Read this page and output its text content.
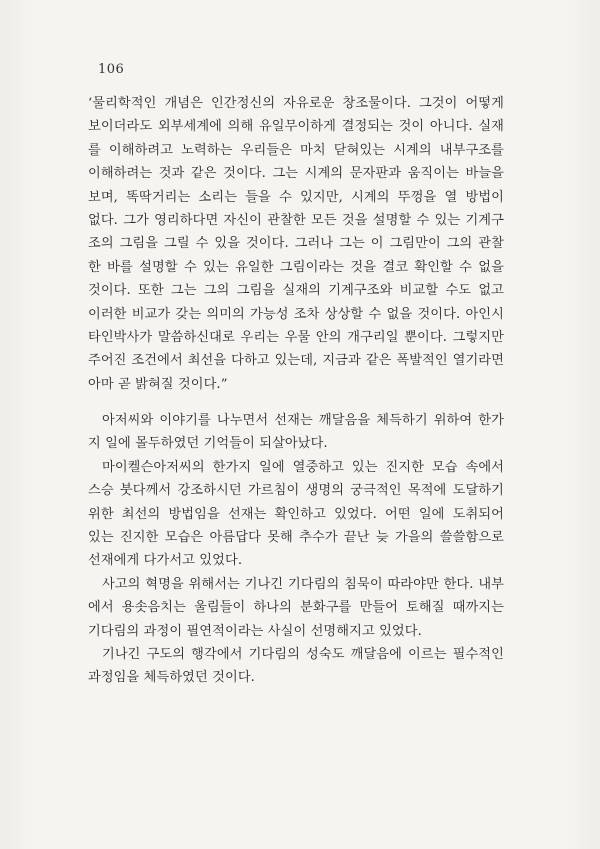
106
‘물리학적인 개념은 인간정신의 자유로운 창조물이다. 그것이 어떻게
보이더라도 외부세계에 의해 유일무이하게 결정되는 것이 아니다. 실재
를 이해하려고 노력하는 우리들은 마치 닫혀있는 시계의 내부구조를
이해하려는 것과 같은 것이다. 그는 시계의 문자판과 움직이는 바늘을
보며, 똑딱거리는 소리는 들을 수 있지만, 시계의 뚜껑을 열 방법이
없다. 그가 영리하다면 자신이 관찰한 모든 것을 설명할 수 있는 기계구
조의 그림을 그릴 수 있을 것이다. 그러나 그는 이 그림만이 그의 관찰
한 바를 설명할 수 있는 유일한 그림이라는 것을 결코 확인할 수 없을
것이다. 또한 그는 그의 그림을 실재의 기계구조와 비교할 수도 없고
이러한 비교가 갖는 의미의 가능성 조차 상상할 수 없을 것이다. 아인시
타인박사가 말씀하신대로 우리는 우물 안의 개구리일 뿐이다. 그렇지만
주어진 조건에서 최선을 다하고 있는데, 지금과 같은 폭발적인 열기라면
아마 곧 밝혀질 것이다.”
아저씨와 이야기를 나누면서 선재는 깨달음을 체득하기 위하여 한가
지 일에 몰두하였던 기억들이 되살아났다.
마이켈슨아저씨의 한가지 일에 열중하고 있는 진지한 모습 속에서
스승 붓다께서 강조하시던 가르침이 생명의 궁극적인 목적에 도달하기
위한 최선의 방법임을 선재는 확인하고 있었다. 어떤 일에 도취되어
있는 진지한 모습은 아름답다 못해 추수가 끝난 늦 가을의 쓸쓸함으로
선재에게 다가서고 있었다.
사고의 혁명을 위해서는 기나긴 기다림의 침묵이 따라야만 한다. 내부
에서 용솟음치는 울림들이 하나의 분화구를 만들어 토해질 때까지는
기다림의 과정이 필연적이라는 사실이 선명해지고 있었다.
기나긴 구도의 행각에서 기다림의 성숙도 깨달음에 이르는 필수적인
과정임을 체득하였던 것이다.
